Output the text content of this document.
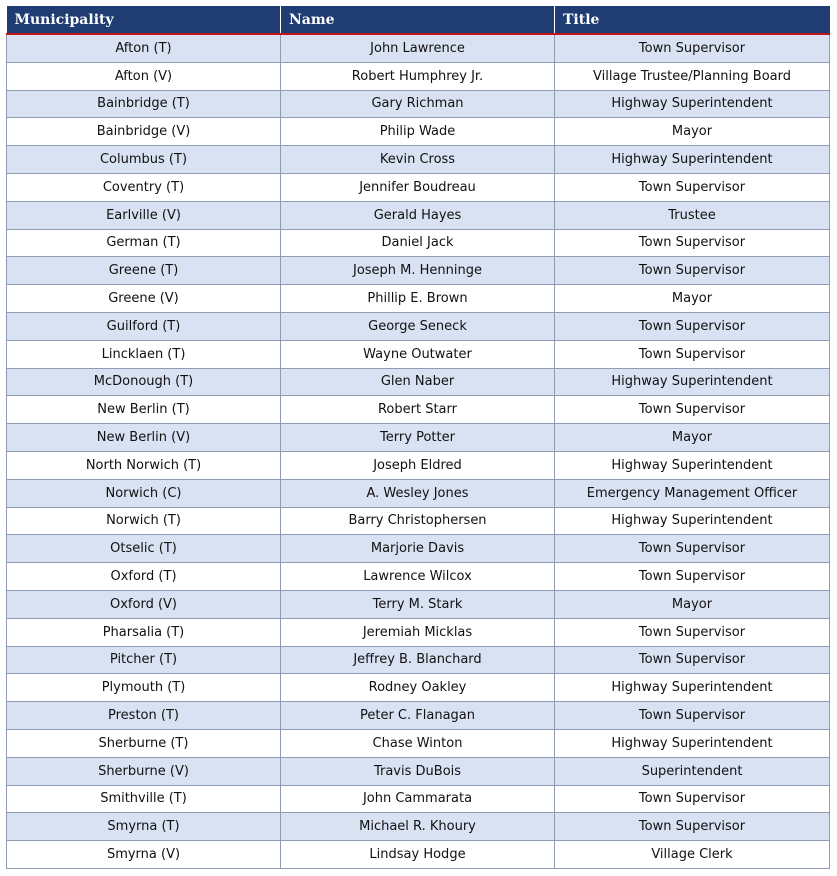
Municipality	Name	Title
Afton (T)	John Lawrence	Town Supervisor
Afton (V)	Robert Humphrey Jr.	Village Trustee/Planning Board
Bainbridge (T)	Gary Richman	Highway Superintendent
Bainbridge (V)	Philip Wade	Mayor
Columbus (T)	Kevin Cross	Highway Superintendent
Coventry (T)	Jennifer Boudreau	Town Supervisor
Earlville (V)	Gerald Hayes	Trustee
German (T)	Daniel Jack	Town Supervisor
Greene (T)	Joseph M. Henninge	Town Supervisor
Greene (V)	Phillip E. Brown	Mayor
Guilford (T)	George Seneck	Town Supervisor
Lincklaen (T)	Wayne Outwater	Town Supervisor
McDonough (T)	Glen Naber	Highway Superintendent
New Berlin (T)	Robert Starr	Town Supervisor
New Berlin (V)	Terry Potter	Mayor
North Norwich (T)	Joseph Eldred	Highway Superintendent
Norwich (C)	A. Wesley Jones	Emergency Management Officer
Norwich (T)	Barry Christophersen	Highway Superintendent
Otselic (T)	Marjorie Davis	Town Supervisor
Oxford (T)	Lawrence Wilcox	Town Supervisor
Oxford (V)	Terry M. Stark	Mayor
Pharsalia (T)	Jeremiah Micklas	Town Supervisor
Pitcher (T)	Jeffrey B. Blanchard	Town Supervisor
Plymouth (T)	Rodney Oakley	Highway Superintendent
Preston (T)	Peter C. Flanagan	Town Supervisor
Sherburne (T)	Chase Winton	Highway Superintendent
Sherburne (V)	Travis DuBois	Superintendent
Smithville (T)	John Cammarata	Town Supervisor
Smyrna (T)	Michael R. Khoury	Town Supervisor
Smyrna (V)	Lindsay Hodge	Village Clerk
